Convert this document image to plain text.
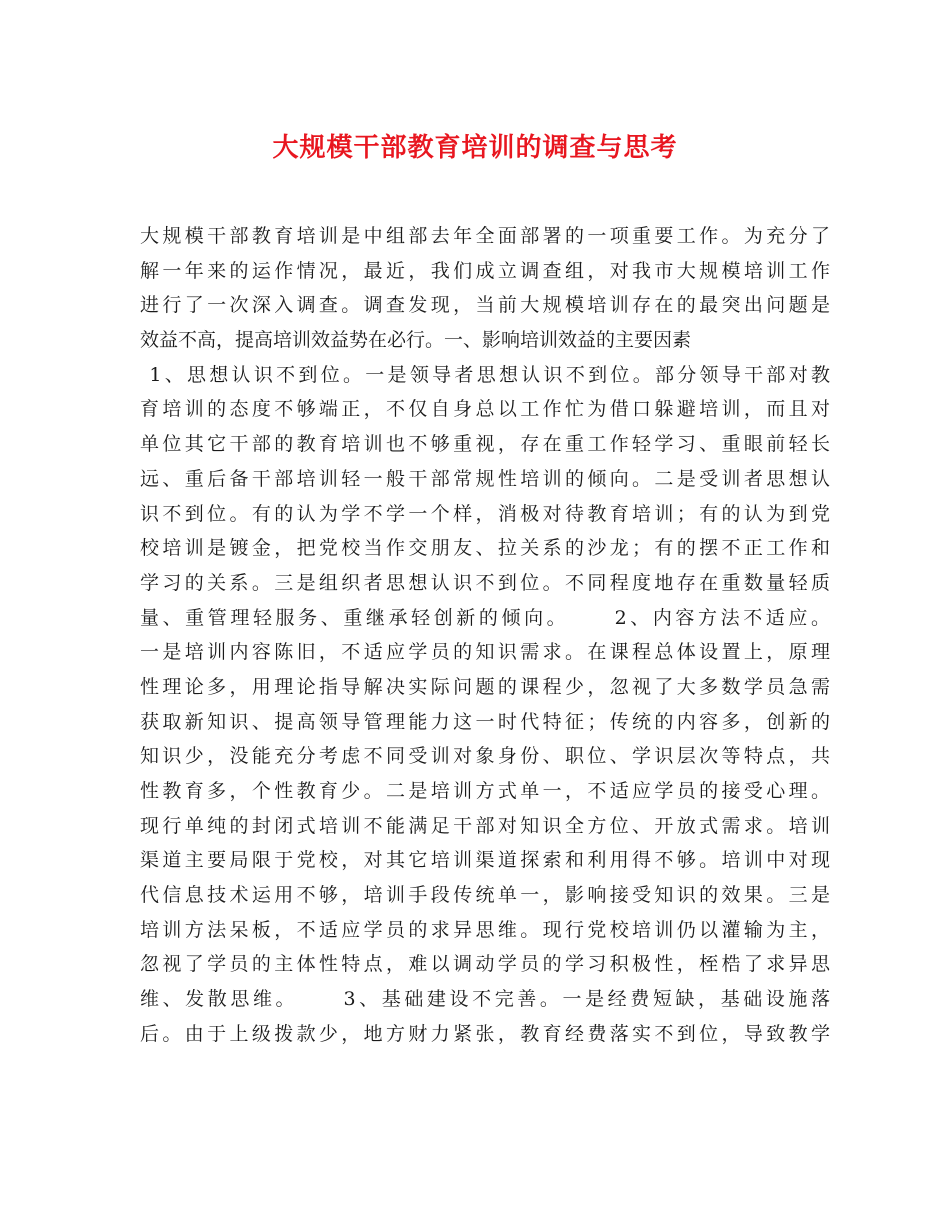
大规模干部教育培训的调查与思考
大规模干部教育培训是中组部去年全面部署的一项重要工作。为充分了
解一年来的运作情况，最近，我们成立调查组，对我市大规模培训工作
进行了一次深入调查。调查发现，当前大规模培训存在的最突出问题是
效益不高，提高培训效益势在必行。一、影响培训效益的主要因素
1、思想认识不到位。一是领导者思想认识不到位。部分领导干部对教
育培训的态度不够端正，不仅自身总以工作忙为借口躲避培训，而且对
单位其它干部的教育培训也不够重视，存在重工作轻学习、重眼前轻长
远、重后备干部培训轻一般干部常规性培训的倾向。二是受训者思想认
识不到位。有的认为学不学一个样，消极对待教育培训；有的认为到党
校培训是镀金，把党校当作交朋友、拉关系的沙龙；有的摆不正工作和
学习的关系。三是组织者思想认识不到位。不同程度地存在重数量轻质
量、重管理轻服务、重继承轻创新的倾向。　　 2、内容方法不适应。
一是培训内容陈旧，不适应学员的知识需求。在课程总体设置上，原理
性理论多，用理论指导解决实际问题的课程少，忽视了大多数学员急需
获取新知识、提高领导管理能力这一时代特征；传统的内容多，创新的
知识少，没能充分考虑不同受训对象身份、职位、学识层次等特点，共
性教育多，个性教育少。二是培训方式单一，不适应学员的接受心理。
现行单纯的封闭式培训不能满足干部对知识全方位、开放式需求。培训
渠道主要局限于党校，对其它培训渠道探索和利用得不够。培训中对现
代信息技术运用不够，培训手段传统单一，影响接受知识的效果。三是
培训方法呆板，不适应学员的求异思维。现行党校培训仍以灌输为主，
忽视了学员的主体性特点，难以调动学员的学习积极性，桎梏了求异思
维、发散思维。　　 3、基础建设不完善。一是经费短缺，基础设施落
后。由于上级拨款少，地方财力紧张，教育经费落实不到位，导致教学
